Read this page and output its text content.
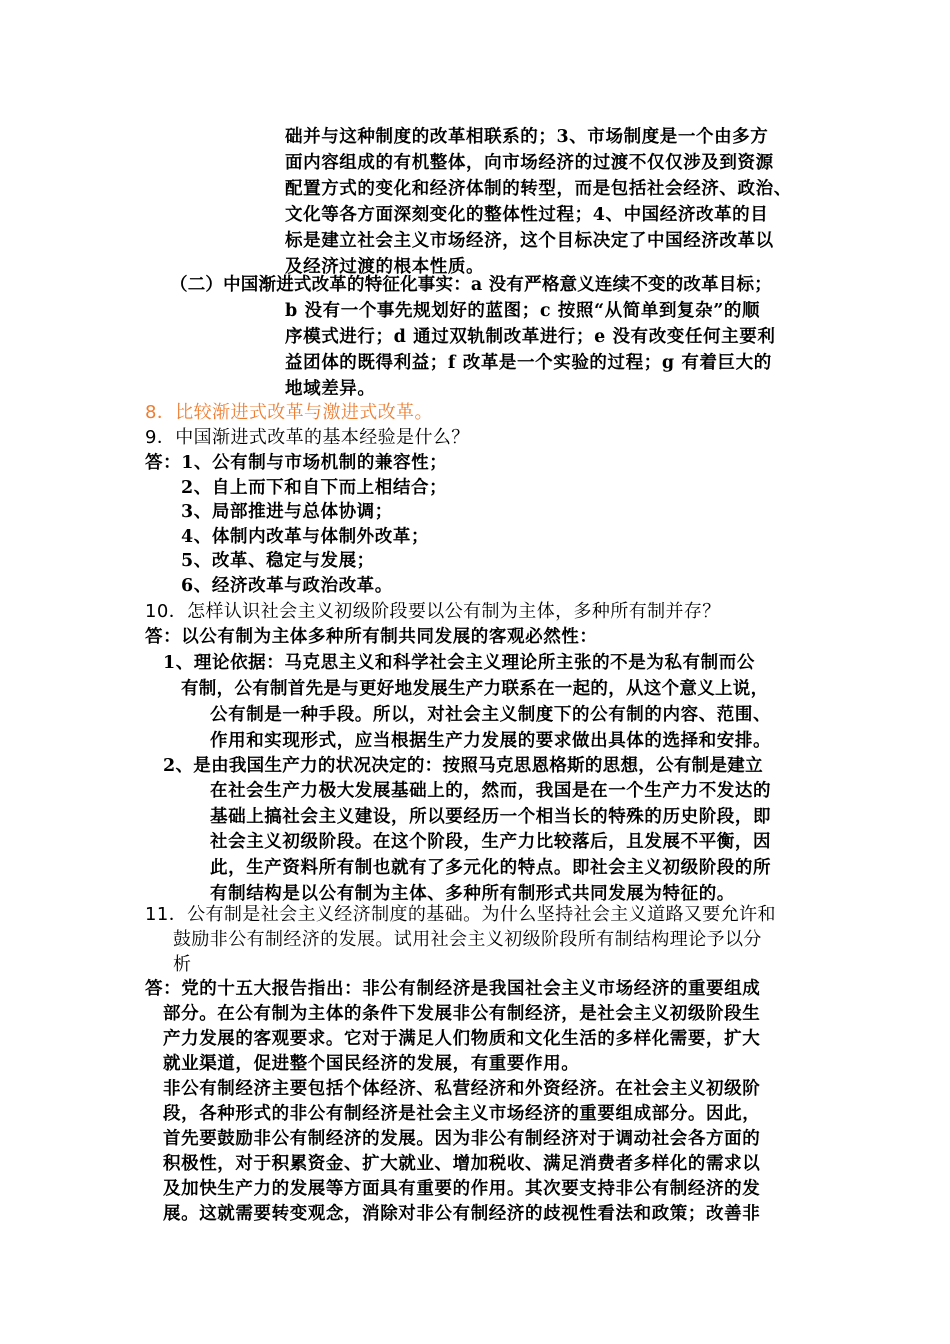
础并与这种制度的改革相联系的；3、市场制度是一个由多方
面内容组成的有机整体，向市场经济的过渡不仅仅涉及到资源
配置方式的变化和经济体制的转型，而是包括社会经济、政治、
文化等各方面深刻变化的整体性过程；4、中国经济改革的目
标是建立社会主义市场经济，这个目标决定了中国经济改革以
及经济过渡的根本性质。
（二）中国渐进式改革的特征化事实：a 没有严格意义连续不变的改革目标；
b 没有一个事先规划好的蓝图；c 按照“从简单到复杂”的顺
序模式进行；d 通过双轨制改革进行；e 没有改变任何主要利
益团体的既得利益；f 改革是一个实验的过程；g 有着巨大的
地域差异。
8．比较渐进式改革与激进式改革。
9．中国渐进式改革的基本经验是什么？
答：1、公有制与市场机制的兼容性；
2、自上而下和自下而上相结合；
3、局部推进与总体协调；
4、体制内改革与体制外改革；
5、改革、稳定与发展；
6、经济改革与政治改革。
10．怎样认识社会主义初级阶段要以公有制为主体，多种所有制并存？
答：以公有制为主体多种所有制共同发展的客观必然性：
1、理论依据：马克思主义和科学社会主义理论所主张的不是为私有制而公
有制，公有制首先是与更好地发展生产力联系在一起的，从这个意义上说，
公有制是一种手段。所以，对社会主义制度下的公有制的内容、范围、
作用和实现形式，应当根据生产力发展的要求做出具体的选择和安排。
2、是由我国生产力的状况决定的：按照马克思恩格斯的思想，公有制是建立
在社会生产力极大发展基础上的，然而，我国是在一个生产力不发达的
基础上搞社会主义建设，所以要经历一个相当长的特殊的历史阶段，即
社会主义初级阶段。在这个阶段，生产力比较落后，且发展不平衡，因
此，生产资料所有制也就有了多元化的特点。即社会主义初级阶段的所
有制结构是以公有制为主体、多种所有制形式共同发展为特征的。
11．公有制是社会主义经济制度的基础。为什么坚持社会主义道路又要允许和
鼓励非公有制经济的发展。试用社会主义初级阶段所有制结构理论予以分
析
答：党的十五大报告指出：非公有制经济是我国社会主义市场经济的重要组成
部分。在公有制为主体的条件下发展非公有制经济，是社会主义初级阶段生
产力发展的客观要求。它对于满足人们物质和文化生活的多样化需要，扩大
就业渠道，促进整个国民经济的发展，有重要作用。
非公有制经济主要包括个体经济、私营经济和外资经济。在社会主义初级阶
段，各种形式的非公有制经济是社会主义市场经济的重要组成部分。因此，
首先要鼓励非公有制经济的发展。因为非公有制经济对于调动社会各方面的
积极性，对于积累资金、扩大就业、增加税收、满足消费者多样化的需求以
及加快生产力的发展等方面具有重要的作用。其次要支持非公有制经济的发
展。这就需要转变观念，消除对非公有制经济的歧视性看法和政策；改善非
